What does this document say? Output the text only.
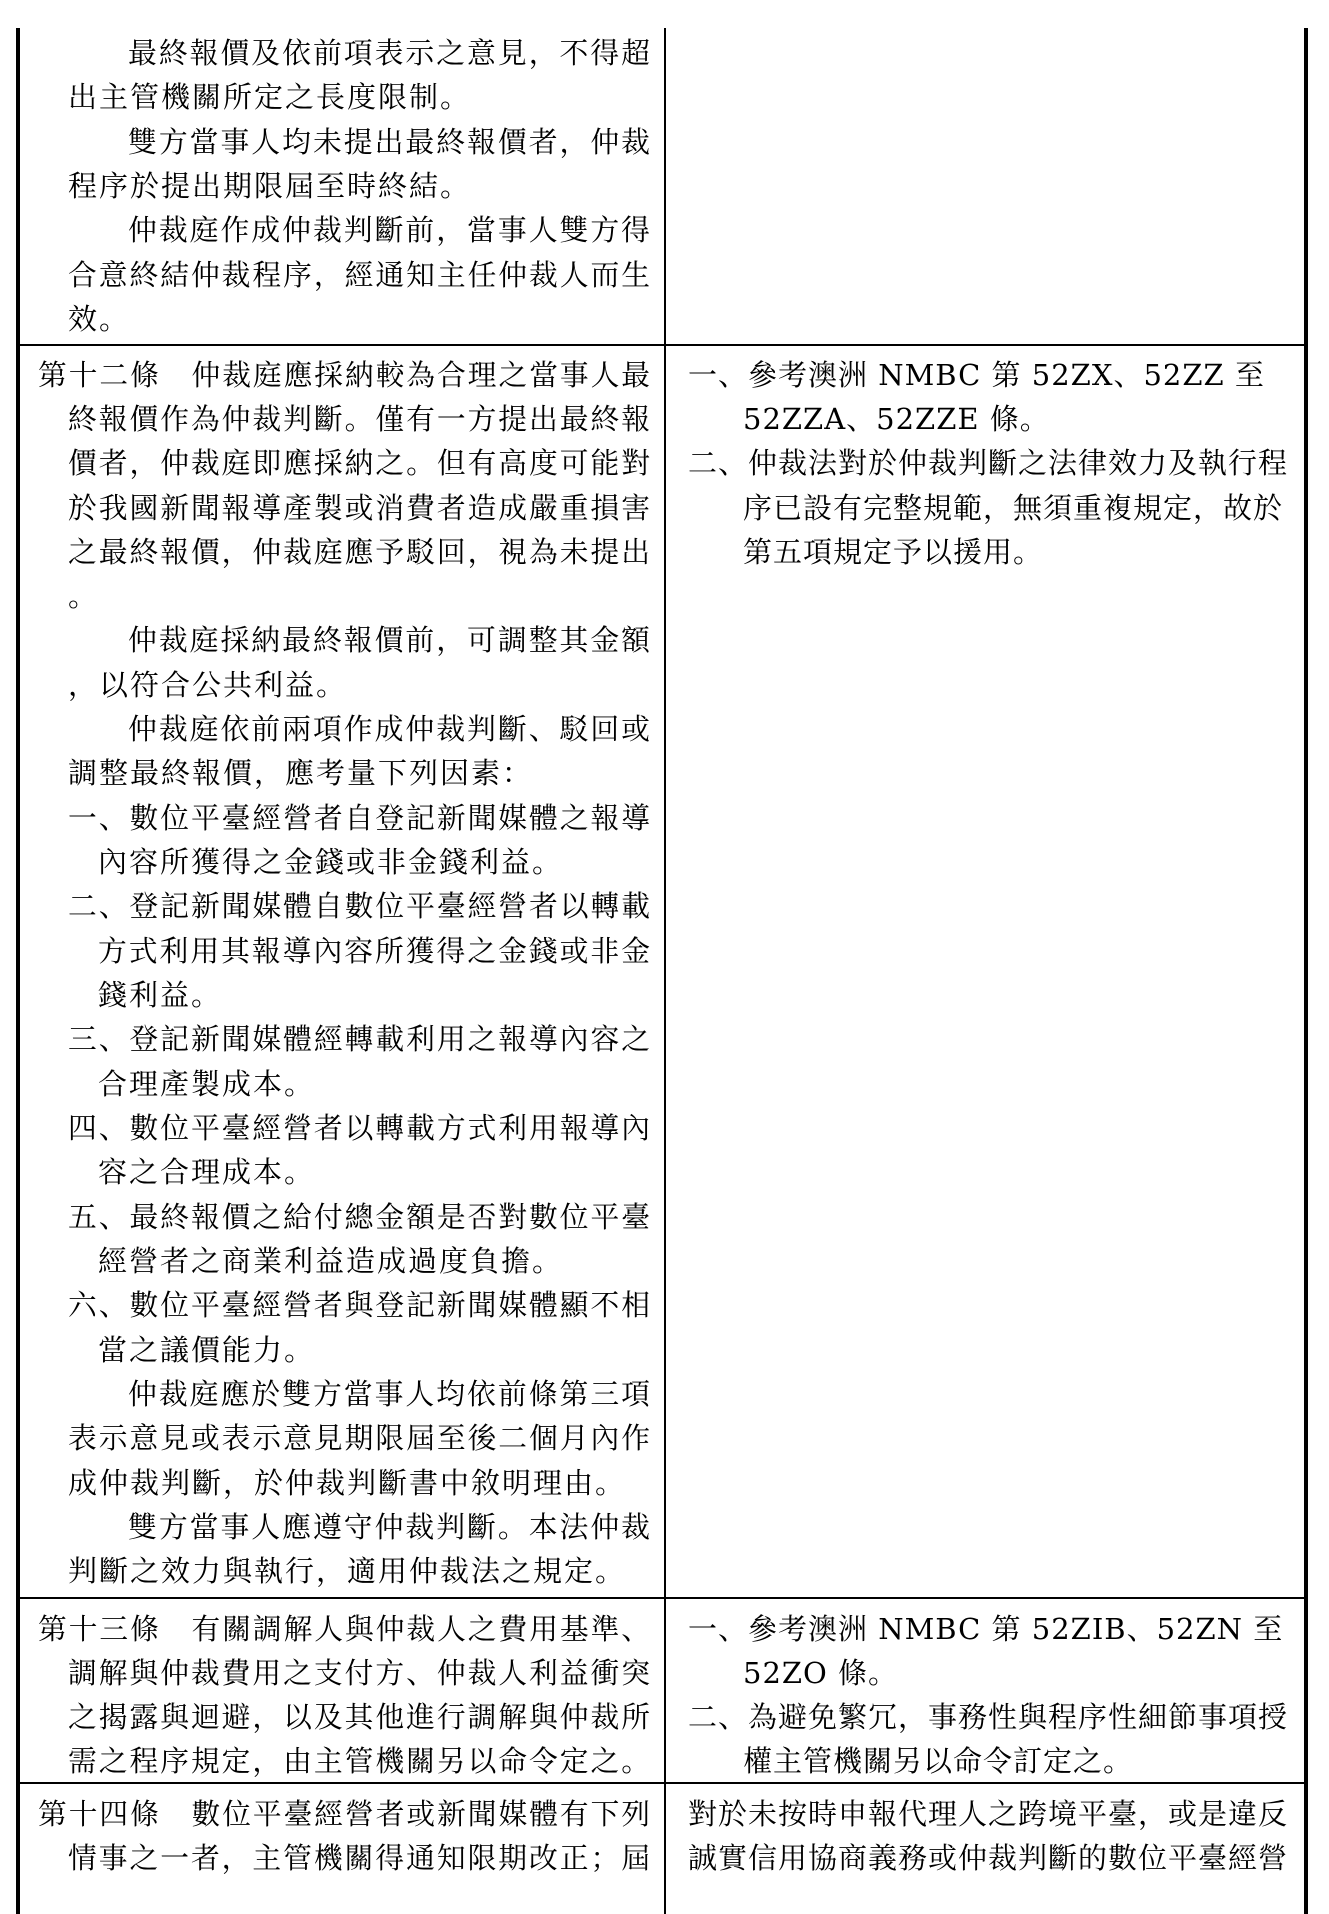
最終報價及依前項表示之意見，不得超
出主管機關所定之長度限制。
雙方當事人均未提出最終報價者，仲裁
程序於提出期限屆至時終結。
仲裁庭作成仲裁判斷前，當事人雙方得
合意終結仲裁程序，經通知主任仲裁人而生
效。
第十二條　仲裁庭應採納較為合理之當事人最
終報價作為仲裁判斷。僅有一方提出最終報
價者，仲裁庭即應採納之。但有高度可能對
於我國新聞報導產製或消費者造成嚴重損害
之最終報價，仲裁庭應予駁回，視為未提出
。
仲裁庭採納最終報價前，可調整其金額
，以符合公共利益。
仲裁庭依前兩項作成仲裁判斷、駁回或
調整最終報價，應考量下列因素：
一、數位平臺經營者自登記新聞媒體之報導
內容所獲得之金錢或非金錢利益。
二、登記新聞媒體自數位平臺經營者以轉載
方式利用其報導內容所獲得之金錢或非金
錢利益。
三、登記新聞媒體經轉載利用之報導內容之
合理產製成本。
四、數位平臺經營者以轉載方式利用報導內
容之合理成本。
五、最終報價之給付總金額是否對數位平臺
經營者之商業利益造成過度負擔。
六、數位平臺經營者與登記新聞媒體顯不相
當之議價能力。
仲裁庭應於雙方當事人均依前條第三項
表示意見或表示意見期限屆至後二個月內作
成仲裁判斷，於仲裁判斷書中敘明理由。
雙方當事人應遵守仲裁判斷。本法仲裁
判斷之效力與執行，適用仲裁法之規定。
一、參考澳洲 NMBC 第 52ZX、52ZZ 至
52ZZA、52ZZE 條。
二、仲裁法對於仲裁判斷之法律效力及執行程
序已設有完整規範，無須重複規定，故於
第五項規定予以援用。
第十三條　有關調解人與仲裁人之費用基準、
調解與仲裁費用之支付方、仲裁人利益衝突
之揭露與迴避，以及其他進行調解與仲裁所
需之程序規定，由主管機關另以命令定之。
一、參考澳洲 NMBC 第 52ZIB、52ZN 至
52ZO 條。
二、為避免繁冗，事務性與程序性細節事項授
權主管機關另以命令訂定之。
第十四條　數位平臺經營者或新聞媒體有下列
情事之一者，主管機關得通知限期改正；屆
對於未按時申報代理人之跨境平臺，或是違反
誠實信用協商義務或仲裁判斷的數位平臺經營
